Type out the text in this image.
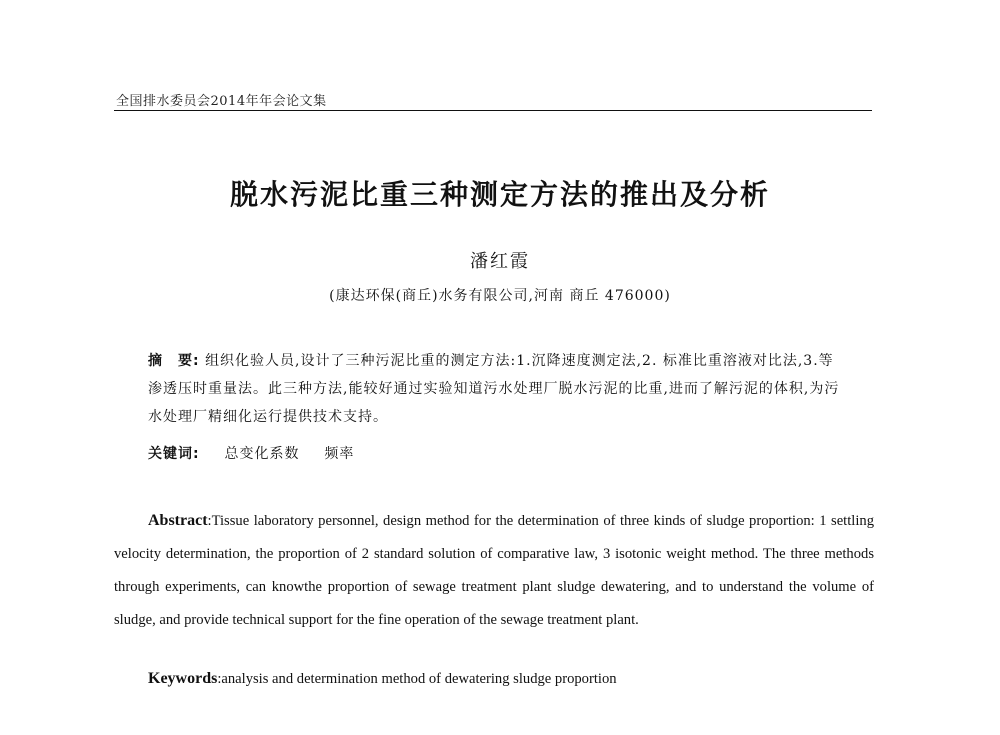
全国排水委员会2014年年会论文集
脱水污泥比重三种测定方法的推出及分析
潘红霞
(康达环保(商丘)水务有限公司,河南 商丘 476000)
摘　要: 组织化验人员,设计了三种污泥比重的测定方法:1.沉降速度测定法,2. 标准比重溶液对比法,3.等渗透压时重量法。此三种方法,能较好通过实验知道污水处理厂脱水污泥的比重,进而了解污泥的体积,为污水处理厂精细化运行提供技术支持。
关键词: 总变化系数 频率

Abstract:Tissue laboratory personnel, design method for the determination of three kinds of sludge proportion: 1 settling velocity determination, the proportion of 2 standard solution of comparative law, 3 isotonic weight method. The three methods through experiments, can knowthe proportion of sewage treatment plant sludge dewatering, and to understand the volume of sludge, and provide technical support for the fine operation of the sewage treatment plant.

Keywords:analysis and determination method of dewatering sludge proportion
